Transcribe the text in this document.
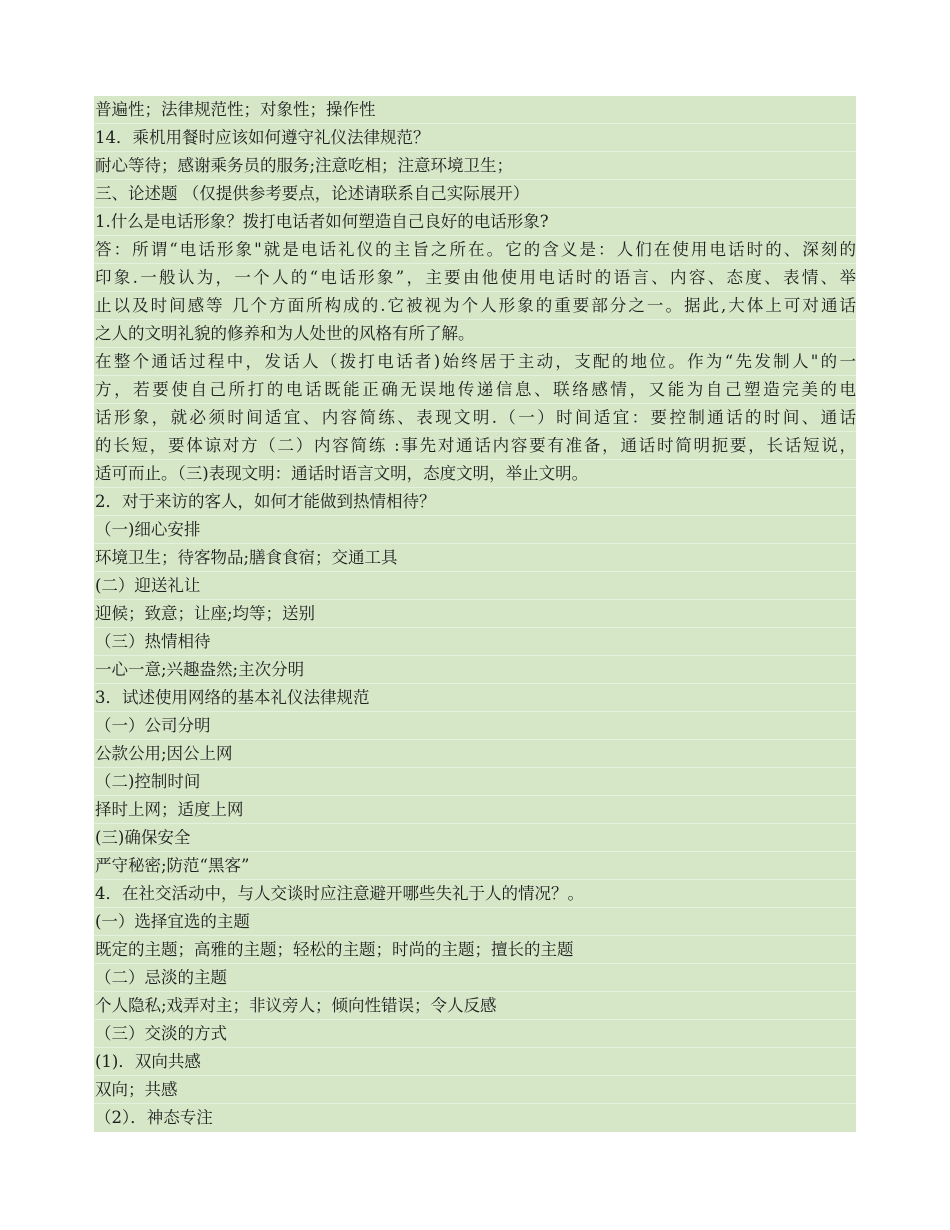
普遍性；法律规范性；对象性；操作性
14．乘机用餐时应该如何遵守礼仪法律规范？
耐心等待；感谢乘务员的服务;注意吃相；注意环境卫生；
三、论述题 （仅提供参考要点，论述请联系自己实际展开）
1.什么是电话形象？拨打电话者如何塑造自己良好的电话形象?
答：所谓“电话形象"就是电话礼仪的主旨之所在。它的含义是：人们在使用电话时的、深刻的
印象.一般认为，一个人的“电话形象”，主要由他使用电话时的语言、内容、态度、表情、举
止以及时间感等 几个方面所构成的.它被视为个人形象的重要部分之一。据此,大体上可对通话
之人的文明礼貌的修养和为人处世的风格有所了解。
在整个通话过程中，发话人（拨打电话者)始终居于主动，支配的地位。作为“先发制人"的一
方，若要使自己所打的电话既能正确无误地传递信息、联络感情，又能为自己塑造完美的电
话形象，就必须时间适宜、内容简练、表现文明.（一）时间适宜：要控制通话的时间、通话
的长短，要体谅对方（二）内容简练 :事先对通话内容要有准备，通话时简明扼要，长话短说，
适可而止。（三)表现文明：通话时语言文明，态度文明，举止文明。
2．对于来访的客人，如何才能做到热情相待？
（一)细心安排
环境卫生；待客物品;膳食食宿；交通工具
(二）迎送礼让
迎候；致意；让座;均等；送别
（三）热情相待
一心一意;兴趣盎然;主次分明
3．试述使用网络的基本礼仪法律规范
（一）公司分明
公款公用;因公上网
（二)控制时间
择时上网；适度上网
(三)确保安全
严守秘密;防范“黑客”
4．在社交活动中，与人交谈时应注意避开哪些失礼于人的情况？。
(一）选择宜选的主题
既定的主题；高雅的主题；轻松的主题；时尚的主题；擅长的主题
（二）忌淡的主题
个人隐私;戏弄对主；非议旁人；倾向性错误；令人反感
（三）交淡的方式
(1)．双向共感
双向；共感
（2）．神态专注
